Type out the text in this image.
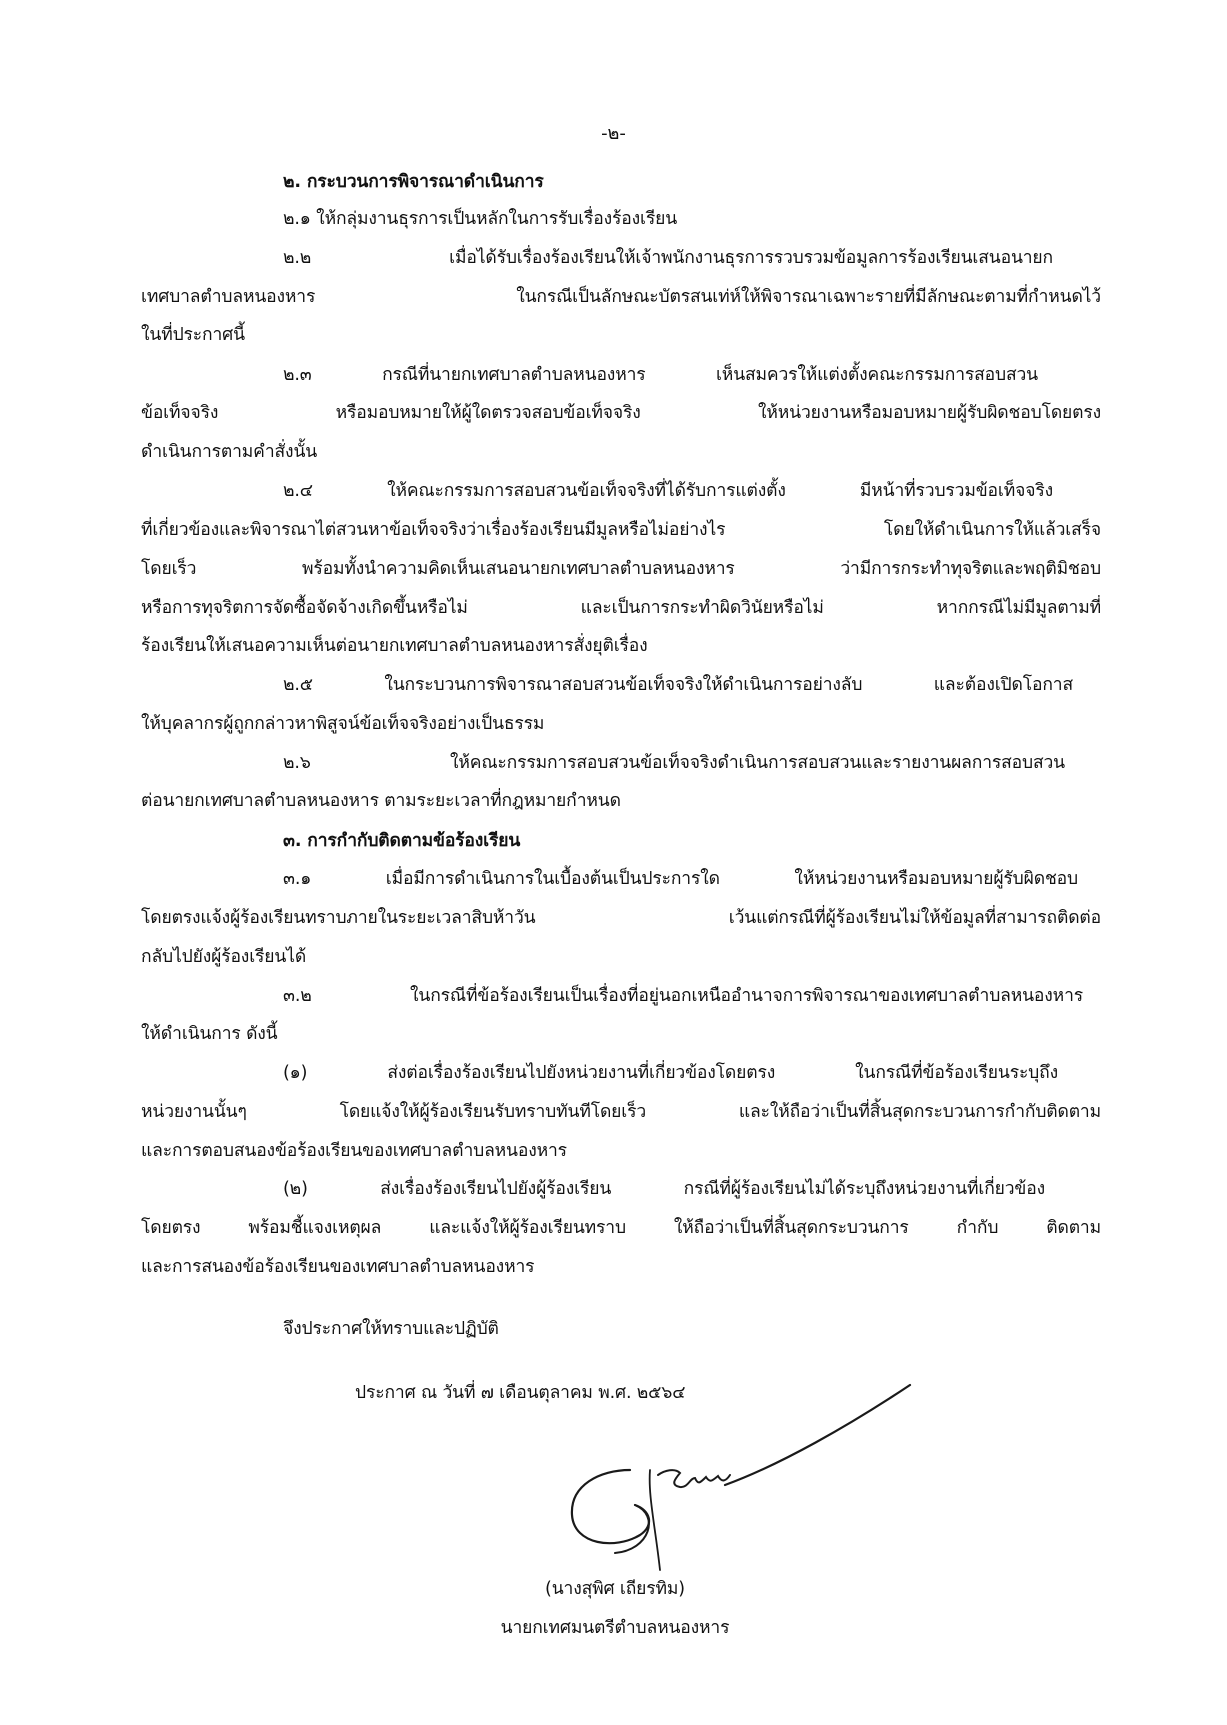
-๒-
๒. กระบวนการพิจารณาดำเนินการ
๒.๑ ให้กลุ่มงานธุรการเป็นหลักในการรับเรื่องร้องเรียน
๒.๒ เมื่อได้รับเรื่องร้องเรียนให้เจ้าพนักงานธุรการรวบรวมข้อมูลการร้องเรียนเสนอนายก
เทศบาลตำบลหนองหาร ในกรณีเป็นลักษณะบัตรสนเท่ห์ให้พิจารณาเฉพาะรายที่มีลักษณะตามที่กำหนดไว้
ในที่ประกาศนี้
๒.๓ กรณีที่นายกเทศบาลตำบลหนองหาร เห็นสมควรให้แต่งตั้งคณะกรรมการสอบสวน
ข้อเท็จจริง หรือมอบหมายให้ผู้ใดตรวจสอบข้อเท็จจริง ให้หน่วยงานหรือมอบหมายผู้รับผิดชอบโดยตรง
ดำเนินการตามคำสั่งนั้น
๒.๔ ให้คณะกรรมการสอบสวนข้อเท็จจริงที่ได้รับการแต่งตั้ง มีหน้าที่รวบรวมข้อเท็จจริง
ที่เกี่ยวข้องและพิจารณาไต่สวนหาข้อเท็จจริงว่าเรื่องร้องเรียนมีมูลหรือไม่อย่างไร โดยให้ดำเนินการให้แล้วเสร็จ
โดยเร็ว พร้อมทั้งนำความคิดเห็นเสนอนายกเทศบาลตำบลหนองหาร ว่ามีการกระทำทุจริตและพฤติมิชอบ
หรือการทุจริตการจัดซื้อจัดจ้างเกิดขึ้นหรือไม่ และเป็นการกระทำผิดวินัยหรือไม่ หากกรณีไม่มีมูลตามที่
ร้องเรียนให้เสนอความเห็นต่อนายกเทศบาลตำบลหนองหารสั่งยุติเรื่อง
๒.๕ ในกระบวนการพิจารณาสอบสวนข้อเท็จจริงให้ดำเนินการอย่างลับ และต้องเปิดโอกาส
ให้บุคลากรผู้ถูกกล่าวหาพิสูจน์ข้อเท็จจริงอย่างเป็นธรรม
๒.๖ ให้คณะกรรมการสอบสวนข้อเท็จจริงดำเนินการสอบสวนและรายงานผลการสอบสวน
ต่อนายกเทศบาลตำบลหนองหาร ตามระยะเวลาที่กฎหมายกำหนด
๓. การกำกับติดตามข้อร้องเรียน
๓.๑ เมื่อมีการดำเนินการในเบื้องต้นเป็นประการใด ให้หน่วยงานหรือมอบหมายผู้รับผิดชอบ
โดยตรงแจ้งผู้ร้องเรียนทราบภายในระยะเวลาสิบห้าวัน เว้นแต่กรณีที่ผู้ร้องเรียนไม่ให้ข้อมูลที่สามารถติดต่อ
กลับไปยังผู้ร้องเรียนได้
๓.๒ ในกรณีที่ข้อร้องเรียนเป็นเรื่องที่อยู่นอกเหนืออำนาจการพิจารณาของเทศบาลตำบลหนองหาร
ให้ดำเนินการ ดังนี้
(๑) ส่งต่อเรื่องร้องเรียนไปยังหน่วยงานที่เกี่ยวข้องโดยตรง ในกรณีที่ข้อร้องเรียนระบุถึง
หน่วยงานนั้นๆ โดยแจ้งให้ผู้ร้องเรียนรับทราบทันทีโดยเร็ว และให้ถือว่าเป็นที่สิ้นสุดกระบวนการกำกับติดตาม
และการตอบสนองข้อร้องเรียนของเทศบาลตำบลหนองหาร
(๒) ส่งเรื่องร้องเรียนไปยังผู้ร้องเรียน กรณีที่ผู้ร้องเรียนไม่ได้ระบุถึงหน่วยงานที่เกี่ยวข้อง
โดยตรง พร้อมชี้แจงเหตุผล และแจ้งให้ผู้ร้องเรียนทราบ ให้ถือว่าเป็นที่สิ้นสุดกระบวนการ กำกับ ติดตาม
และการสนองข้อร้องเรียนของเทศบาลตำบลหนองหาร
จึงประกาศให้ทราบและปฏิบัติ
ประกาศ ณ วันที่ ๗ เดือนตุลาคม พ.ศ. ๒๕๖๔
(นางสุพิศ เถียรทิม)
นายกเทศมนตรีตำบลหนองหาร
